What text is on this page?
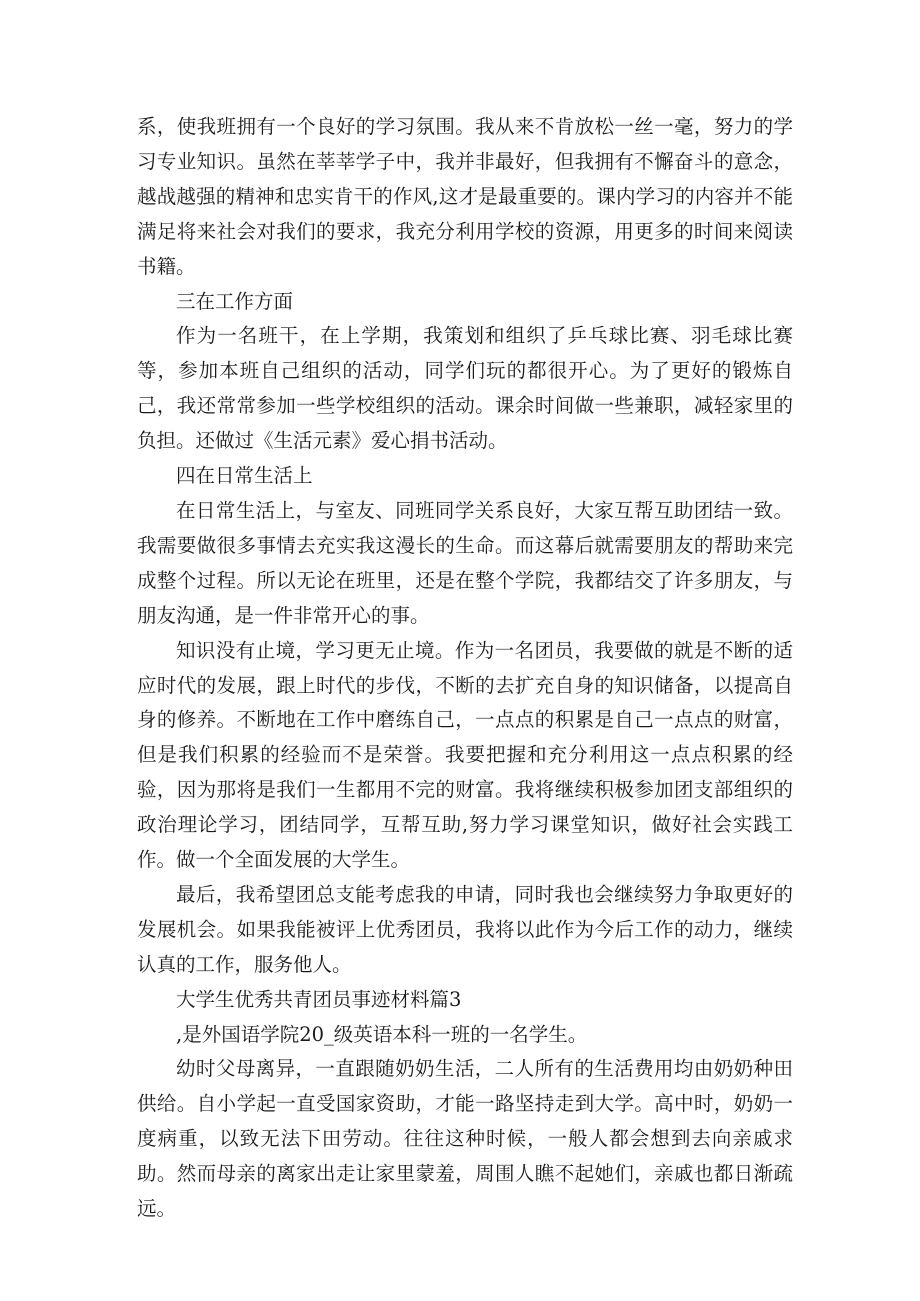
系，使我班拥有一个良好的学习氛围。我从来不肯放松一丝一毫，努力的学习专业知识。虽然在莘莘学子中，我并非最好，但我拥有不懈奋斗的意念，越战越强的精神和忠实肯干的作风,这才是最重要的。课内学习的内容并不能满足将来社会对我们的要求，我充分利用学校的资源，用更多的时间来阅读书籍。

三在工作方面

作为一名班干，在上学期，我策划和组织了乒乓球比赛、羽毛球比赛等，参加本班自己组织的活动，同学们玩的都很开心。为了更好的锻炼自己，我还常常参加一些学校组织的活动。课余时间做一些兼职，减轻家里的负担。还做过《生活元素》爱心捐书活动。

四在日常生活上

在日常生活上，与室友、同班同学关系良好，大家互帮互助团结一致。我需要做很多事情去充实我这漫长的生命。而这幕后就需要朋友的帮助来完成整个过程。所以无论在班里，还是在整个学院，我都结交了许多朋友，与朋友沟通，是一件非常开心的事。

知识没有止境，学习更无止境。作为一名团员，我要做的就是不断的适应时代的发展，跟上时代的步伐，不断的去扩充自身的知识储备，以提高自身的修养。不断地在工作中磨练自己，一点点的积累是自己一点点的财富，但是我们积累的经验而不是荣誉。我要把握和充分利用这一点点积累的经验，因为那将是我们一生都用不完的财富。我将继续积极参加团支部组织的政治理论学习，团结同学，互帮互助,努力学习课堂知识，做好社会实践工作。做一个全面发展的大学生。

最后，我希望团总支能考虑我的申请，同时我也会继续努力争取更好的发展机会。如果我能被评上优秀团员，我将以此作为今后工作的动力，继续认真的工作，服务他人。

大学生优秀共青团员事迹材料篇3

,是外国语学院20_级英语本科一班的一名学生。

幼时父母离异，一直跟随奶奶生活，二人所有的生活费用均由奶奶种田供给。自小学起一直受国家资助，才能一路坚持走到大学。高中时，奶奶一度病重，以致无法下田劳动。往往这种时候，一般人都会想到去向亲戚求助。然而母亲的离家出走让家里蒙羞，周围人瞧不起她们，亲戚也都日渐疏远。
